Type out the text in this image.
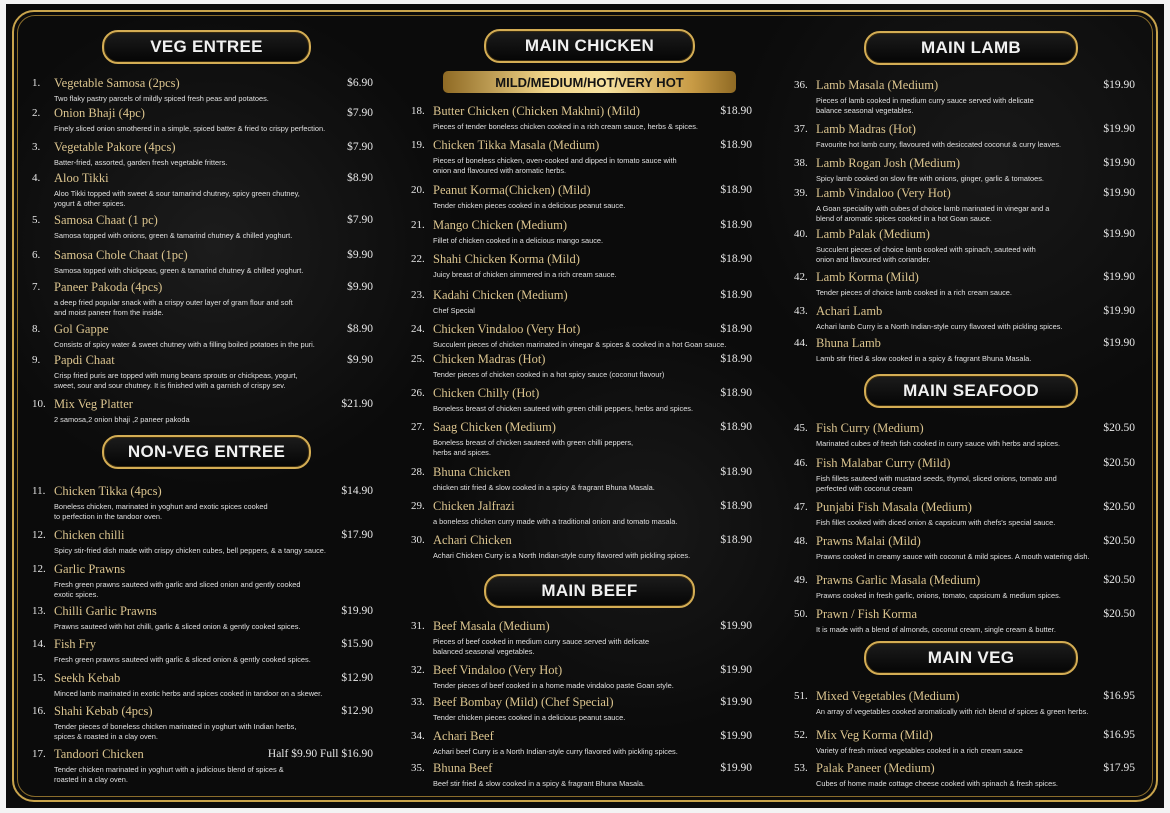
VEG ENTREE
1. Vegetable Samosa (2pcs)	$6.90
Two flaky pastry parcels of mildly spiced fresh peas and potatoes.
2. Onion Bhaji (4pc)	$7.90
Finely sliced onion smothered in a simple, spiced batter & fried to crispy perfection.
3. Vegetable Pakore (4pcs)	$7.90
Batter-fried, assorted, garden fresh vegetable fritters.
4. Aloo Tikki	$8.90
Aloo Tikki topped with sweet & sour tamarind chutney, spicy green chutney,
yogurt & other spices.
5. Samosa Chaat (1 pc)	$7.90
Samosa topped with onions, green & tamarind chutney & chilled yoghurt.
6. Samosa Chole Chaat (1pc)	$9.90
Samosa topped with chickpeas, green & tamarind chutney & chilled yoghurt.
7. Paneer Pakoda (4pcs)	$9.90
a deep fried popular snack with a crispy outer layer of gram flour and soft
and moist paneer from the inside.
8. Gol Gappe	$8.90
Consists of spicy water & sweet chutney with a filling boiled potatoes in the puri.
9. Papdi Chaat	$9.90
Crisp fried puris are topped with mung beans sprouts or chickpeas, yogurt,
sweet, sour and sour chutney. It is finished with a garnish of crispy sev.
10. Mix Veg Platter	$21.90
2 samosa,2 onion bhaji ,2 paneer pakoda
NON-VEG ENTREE
11. Chicken Tikka (4pcs)	$14.90
Boneless chicken, marinated in yoghurt and exotic spices cooked
to perfection in the tandoor oven.
12. Chicken chilli	$17.90
Spicy stir-fried dish made with crispy chicken cubes, bell peppers, & a tangy sauce.
12. Garlic Prawns
Fresh green prawns sauteed with garlic and sliced onion and gently cooked
exotic spices.
13. Chilli Garlic Prawns	$19.90
Prawns sauteed with hot chilli, garlic & sliced onion & gently cooked spices.
14. Fish Fry	$15.90
Fresh green prawns sauteed with garlic & sliced onion & gently cooked spices.
15. Seekh Kebab	$12.90
Minced lamb marinated in exotic herbs and spices cooked in tandoor on a skewer.
16. Shahi Kebab (4pcs)	$12.90
Tender pieces of boneless chicken marinated in yoghurt with Indian herbs,
spices & roasted in a clay oven.
17. Tandoori Chicken	Half $9.90 Full $16.90
Tender chicken marinated in yoghurt with a judicious blend of spices &
roasted in a clay oven.
MAIN CHICKEN
MILD/MEDIUM/HOT/VERY HOT
18. Butter Chicken (Chicken Makhni) (Mild)	$18.90
Pieces of tender boneless chicken cooked in a rich cream sauce, herbs & spices.
19. Chicken Tikka Masala (Medium)	$18.90
Pieces of boneless chicken, oven-cooked and dipped in tomato sauce with
onion and flavoured with aromatic herbs.
20. Peanut Korma(Chicken) (Mild)	$18.90
Tender chicken pieces cooked in a delicious peanut sauce.
21. Mango Chicken (Medium)	$18.90
Fillet of chicken cooked in a delicious mango sauce.
22. Shahi Chicken Korma (Mild)	$18.90
Juicy breast of chicken simmered in a rich cream sauce.
23. Kadahi Chicken (Medium)	$18.90
Chef Special
24. Chicken Vindaloo (Very Hot)	$18.90
Succulent pieces of chicken marinated in vinegar & spices & cooked in a hot Goan sauce.
25. Chicken Madras (Hot)	$18.90
Tender pieces of chicken cooked in a hot spicy sauce (coconut flavour)
26. Chicken Chilly (Hot)	$18.90
Boneless breast of chicken sauteed with green chilli peppers, herbs and spices.
27. Saag Chicken (Medium)	$18.90
Boneless breast of chicken sauteed with green chilli peppers,
herbs and spices.
28. Bhuna Chicken	$18.90
chicken stir fried & slow cooked in a spicy & fragrant Bhuna Masala.
29. Chicken Jalfrazi	$18.90
a boneless chicken curry made with a traditional onion and tomato masala.
30. Achari Chicken	$18.90
Achari Chicken Curry is a North Indian-style curry flavored with pickling spices.
MAIN BEEF
31. Beef Masala (Medium)	$19.90
Pieces of beef cooked in medium curry sauce served with delicate
balanced seasonal vegetables.
32. Beef Vindaloo (Very Hot)	$19.90
Tender pieces of beef cooked in a home made vindaloo paste Goan style.
33. Beef Bombay (Mild) (Chef Special)	$19.90
Tender chicken pieces cooked in a delicious peanut sauce.
34. Achari Beef	$19.90
Achari beef Curry is a North Indian-style curry flavored with pickling spices.
35. Bhuna Beef	$19.90
Beef stir fried & slow cooked in a spicy & fragrant Bhuna Masala.
MAIN LAMB
36. Lamb Masala (Medium)	$19.90
Pieces of lamb cooked in medium curry sauce served with delicate
balance seasonal vegetables.
37. Lamb Madras (Hot)	$19.90
Favourite hot lamb curry, flavoured with desiccated coconut & curry leaves.
38. Lamb Rogan Josh (Medium)	$19.90
Spicy lamb cooked on slow fire with onions, ginger, garlic & tomatoes.
39. Lamb Vindaloo (Very Hot)	$19.90
A Goan speciality with cubes of choice lamb marinated in vinegar and a
blend of aromatic spices cooked in a hot Goan sauce.
40. Lamb Palak (Medium)	$19.90
Succulent pieces of choice lamb cooked with spinach, sauteed with
onion and flavoured with coriander.
42. Lamb Korma (Mild)	$19.90
Tender pieces of choice lamb cooked in a rich cream sauce.
43. Achari Lamb	$19.90
Achari lamb Curry is a North Indian-style curry flavored with pickling spices.
44. Bhuna Lamb	$19.90
Lamb stir fried & slow cooked in a spicy & fragrant Bhuna Masala.
MAIN SEAFOOD
45. Fish Curry (Medium)	$20.50
Marinated cubes of fresh fish cooked in curry sauce with herbs and spices.
46. Fish Malabar Curry (Mild)	$20.50
Fish fillets sauteed with mustard seeds, thymol, sliced onions, tomato and
perfected with coconut cream
47. Punjabi Fish Masala (Medium)	$20.50
Fish fillet cooked with diced onion & capsicum with chefs's special sauce.
48. Prawns Malai (Mild)	$20.50
Prawns cooked in creamy sauce with coconut & mild spices. A mouth watering dish.
49. Prawns Garlic Masala (Medium)	$20.50
Prawns cooked in fresh garlic, onions, tomato, capsicum & medium spices.
50. Prawn / Fish Korma	$20.50
It is made with a blend of almonds, coconut cream, single cream & butter.
MAIN VEG
51. Mixed Vegetables (Medium)	$16.95
An array of vegetables cooked aromatically with rich blend of spices & green herbs.
52. Mix Veg Korma (Mild)	$16.95
Variety of fresh mixed vegetables cooked in a rich cream sauce
53. Palak Paneer (Medium)	$17.95
Cubes of home made cottage cheese cooked with spinach & fresh spices.
